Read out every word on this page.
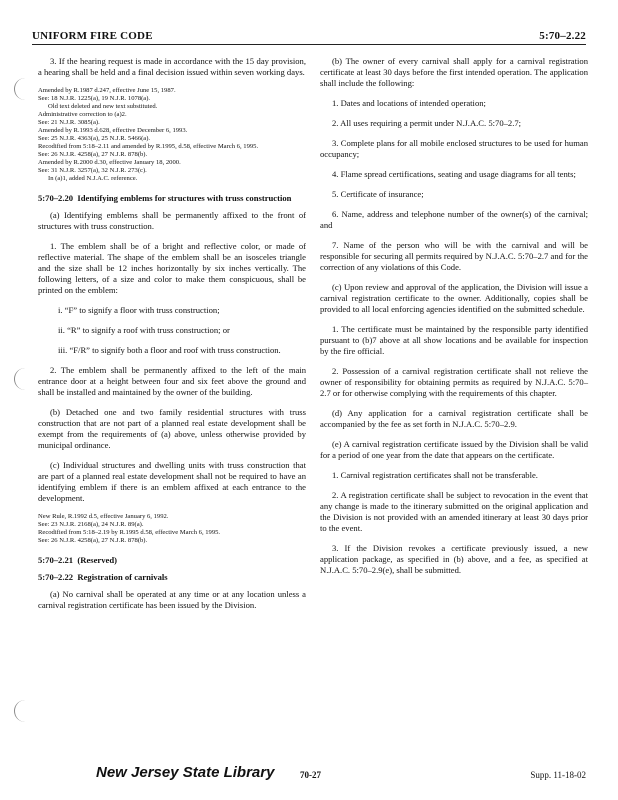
UNIFORM FIRE CODE	5:70–2.22

3. If the hearing request is made in accordance with the 15 day provision, a hearing shall be held and a final decision issued within seven working days.

Amended by R.1987 d.247, effective June 15, 1987.
See: 18 N.J.R. 1225(a), 19 N.J.R. 1078(a).
Old text deleted and new text substituted.
Administrative correction to (a)2.
See: 21 N.J.R. 3085(a).
Amended by R.1993 d.628, effective December 6, 1993.
See: 25 N.J.R. 4363(a), 25 N.J.R. 5466(a).
Recodified from 5:18–2.11 and amended by R.1995, d.58, effective March 6, 1995.
See: 26 N.J.R. 4258(a), 27 N.J.R. 878(b).
Amended by R.2000 d.30, effective January 18, 2000.
See: 31 N.J.R. 3257(a), 32 N.J.R. 273(c).
In (a)1, added N.J.A.C. reference.
5:70–2.20 Identifying emblems for structures with truss construction

(a) Identifying emblems shall be permanently affixed to the front of structures with truss construction.

1. The emblem shall be of a bright and reflective color, or made of reflective material. The shape of the emblem shall be an isosceles triangle and the size shall be 12 inches horizontally by six inches vertically. The following letters, of a size and color to make them conspicuous, shall be printed on the emblem:

i. “F” to signify a floor with truss construction;

ii. “R” to signify a roof with truss construction; or

iii. “F/R” to signify both a floor and roof with truss construction.

2. The emblem shall be permanently affixed to the left of the main entrance door at a height between four and six feet above the ground and shall be installed and maintained by the owner of the building.

(b) Detached one and two family residential structures with truss construction that are not part of a planned real estate development shall be exempt from the requirements of (a) above, unless otherwise provided by municipal ordinance.

(c) Individual structures and dwelling units with truss construction that are part of a planned real estate development shall not be required to have an identifying emblem if there is an emblem affixed at each entrance to the development.

New Rule, R.1992 d.5, effective January 6, 1992.
See: 23 N.J.R. 2168(a), 24 N.J.R. 89(a).
Recodified from 5:18–2.19 by R.1995 d.58, effective March 6, 1995.
See: 26 N.J.R. 4258(a), 27 N.J.R. 878(b).
5:70–2.21 (Reserved)
5:70–2.22 Registration of carnivals

(a) No carnival shall be operated at any time or at any location unless a carnival registration certificate has been issued by the Division.

(b) The owner of every carnival shall apply for a carnival registration certificate at least 30 days before the first intended operation. The application shall include the following:

1. Dates and locations of intended operation;

2. All uses requiring a permit under N.J.A.C. 5:70–2.7;

3. Complete plans for all mobile enclosed structures to be used for human occupancy;

4. Flame spread certifications, seating and usage diagrams for all tents;

5. Certificate of insurance;

6. Name, address and telephone number of the owner(s) of the carnival; and

7. Name of the person who will be with the carnival and will be responsible for securing all permits required by N.J.A.C. 5:70–2.7 and for the correction of any violations of this Code.

(c) Upon review and approval of the application, the Division will issue a carnival registration certificate to the owner. Additionally, copies shall be provided to all local enforcing agencies identified on the submitted schedule.

1. The certificate must be maintained by the responsible party identified pursuant to (b)7 above at all show locations and be available for inspection by the fire official.

2. Possession of a carnival registration certificate shall not relieve the owner of responsibility for obtaining permits as required by N.J.A.C. 5:70–2.7 or for otherwise complying with the requirements of this chapter.

(d) Any application for a carnival registration certificate shall be accompanied by the fee as set forth in N.J.A.C. 5:70–2.9.

(e) A carnival registration certificate issued by the Division shall be valid for a period of one year from the date that appears on the certificate.

1. Carnival registration certificates shall not be transferable.

2. A registration certificate shall be subject to revocation in the event that any change is made to the itinerary submitted on the original application and the Division is not provided with an amended itinerary at least 30 days prior to the event.

3. If the Division revokes a certificate previously issued, a new application package, as specified in (b) above, and a fee, as specified at N.J.A.C. 5:70–2.9(e), shall be submitted.

New Jersey State Library	70-27	Supp. 11-18-02
